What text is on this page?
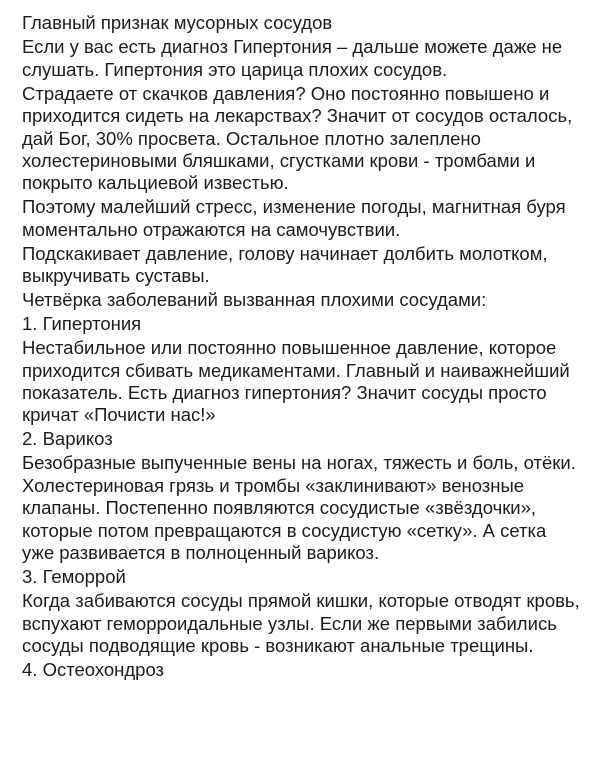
Главный признак мусорных сосудов

Если у вас есть диагноз Гипертония – дальше можете даже не слушать. Гипертония это царица плохих сосудов.

Страдаете от скачков давления? Оно постоянно повышено и приходится сидеть на лекарствах? Значит от сосудов осталось, дай Бог, 30% просвета. Остальное плотно залеплено холестериновыми бляшками, сгустками крови - тромбами и покрыто кальциевой известью.

Поэтому малейший стресс, изменение погоды, магнитная буря моментально отражаются на самочувствии.

Подскакивает давление, голову начинает долбить молотком, выкручивать суставы.

Четвёрка заболеваний вызванная плохими сосудами:

1. Гипертония

Нестабильное или постоянно повышенное давление, которое приходится сбивать медикаментами. Главный и наиважнейший показатель. Есть диагноз гипертония? Значит сосуды просто кричат «Почисти нас!»

2. Варикоз

Безобразные выпученные вены на ногах, тяжесть и боль, отёки. Холестериновая грязь и тромбы «заклинивают» венозные клапаны. Постепенно появляются сосудистые «звёздочки», которые потом превращаются в сосудистую «сетку». А сетка уже развивается в полноценный варикоз.

3. Геморрой

Когда забиваются сосуды прямой кишки, которые отводят кровь, вспухают геморроидальные узлы. Если же первыми забились сосуды подводящие кровь - возникают анальные трещины.

4. Остеохондроз
